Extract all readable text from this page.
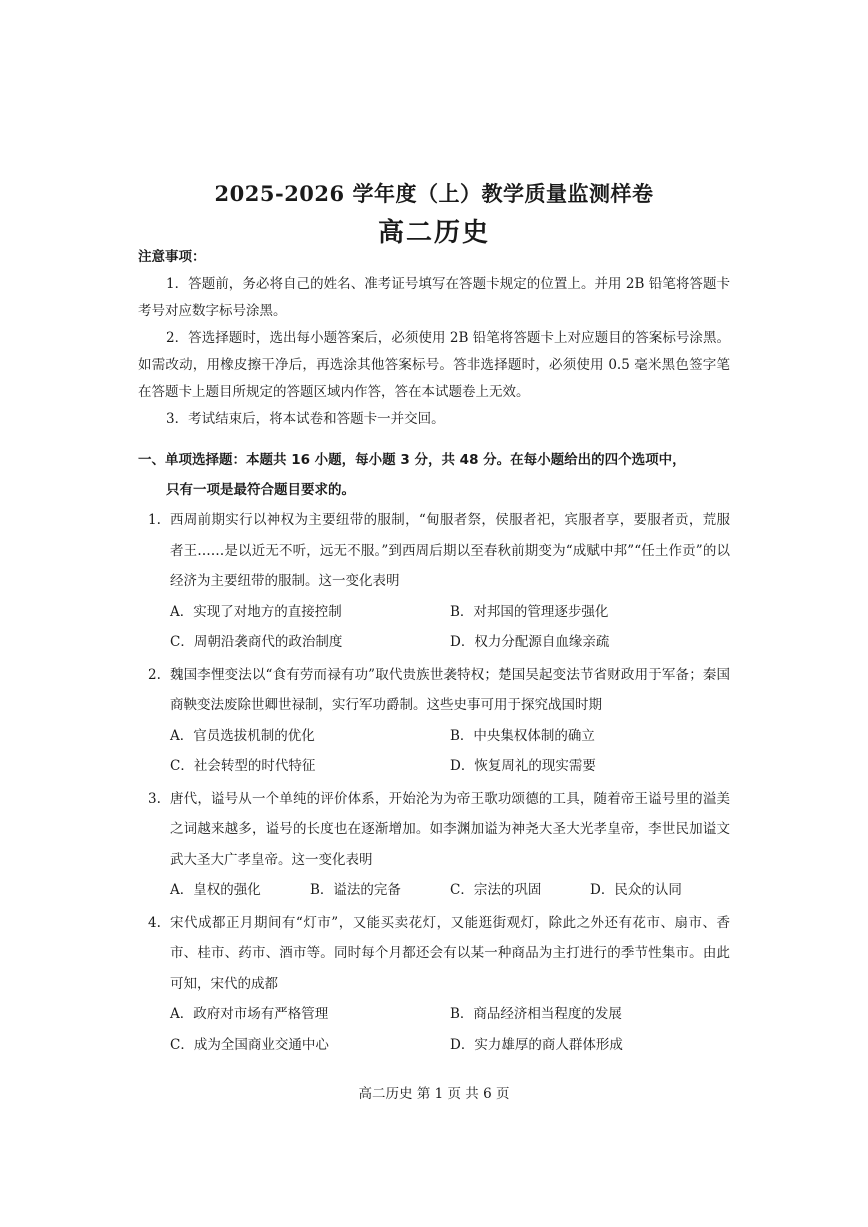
2025-2026 学年度（上）教学质量监测样卷
高二历史
注意事项：
1．答题前，务必将自己的姓名、准考证号填写在答题卡规定的位置上。并用 2B 铅笔将答题卡考号对应数字标号涂黑。
2．答选择题时，选出每小题答案后，必须使用 2B 铅笔将答题卡上对应题目的答案标号涂黑。如需改动，用橡皮擦干净后，再选涂其他答案标号。答非选择题时，必须使用 0.5 毫米黑色签字笔在答题卡上题目所规定的答题区域内作答，答在本试题卷上无效。
3．考试结束后，将本试卷和答题卡一并交回。
一、单项选择题：本题共 16 小题，每小题 3 分，共 48 分。在每小题给出的四个选项中，
只有一项是最符合题目要求的。
1. 西周前期实行以神权为主要纽带的服制，“甸服者祭，侯服者祀，宾服者享，要服者贡，荒服者王……是以近无不听，远无不服。”到西周后期以至春秋前期变为“成赋中邦”“任土作贡”的以经济为主要纽带的服制。这一变化表明
A．实现了对地方的直接控制	B．对邦国的管理逐步强化
C．周朝沿袭商代的政治制度	D．权力分配源自血缘亲疏
2. 魏国李悝变法以“食有劳而禄有功”取代贵族世袭特权；楚国吴起变法节省财政用于军备；秦国商鞅变法废除世卿世禄制，实行军功爵制。这些史事可用于探究战国时期
A．官员选拔机制的优化	B．中央集权体制的确立
C．社会转型的时代特征	D．恢复周礼的现实需要
3. 唐代，谥号从一个单纯的评价体系，开始沦为为帝王歌功颂德的工具，随着帝王谥号里的溢美之词越来越多，谥号的长度也在逐渐增加。如李渊加谥为神尧大圣大光孝皇帝，李世民加谥文武大圣大广孝皇帝。这一变化表明
A．皇权的强化	B．谥法的完备	C．宗法的巩固	D．民众的认同
4. 宋代成都正月期间有“灯市”，又能买卖花灯，又能逛街观灯，除此之外还有花市、扇市、香市、桂市、药市、酒市等。同时每个月都还会有以某一种商品为主打进行的季节性集市。由此可知，宋代的成都
A．政府对市场有严格管理	B．商品经济相当程度的发展
C．成为全国商业交通中心	D．实力雄厚的商人群体形成
高二历史 第 1 页 共 6 页
